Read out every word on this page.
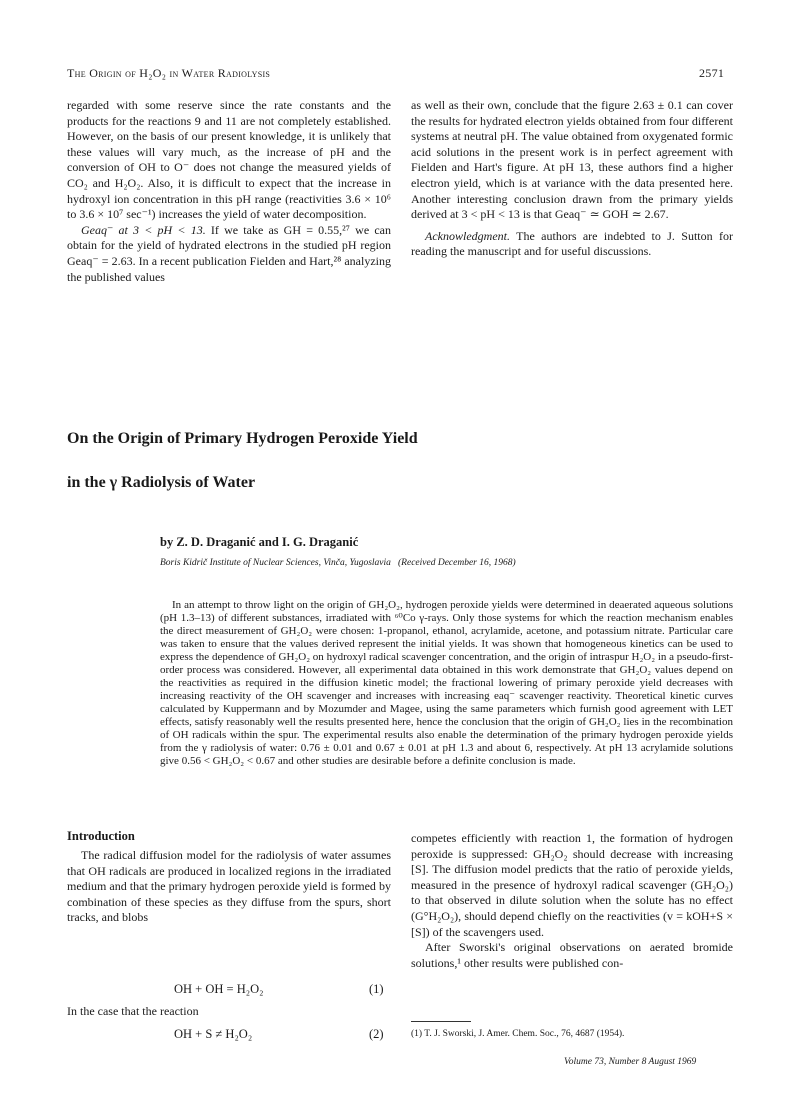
The Origin of H₂O₂ in Water Radiolysis	2571

regarded with some reserve since the rate constants and the products for the reactions 9 and 11 are not completely established. However, on the basis of our present knowledge, it is unlikely that these values will vary much, as the increase of pH and the conversion of OH to O⁻ does not change the measured yields of CO₂ and H₂O₂. Also, it is difficult to expect that the increase in hydroxyl ion concentration in this pH range (reactivities 3.6 × 10⁶ to 3.6 × 10⁷ sec⁻¹) increases the yield of water decomposition.

Geaq⁻ at 3 < pH < 13. If we take as GH = 0.55,²⁷ we can obtain for the yield of hydrated electrons in the studied pH region Geaq⁻ = 2.63. In a recent publication Fielden and Hart,²⁸ analyzing the published values

as well as their own, conclude that the figure 2.63 ± 0.1 can cover the results for hydrated electron yields obtained from four different systems at neutral pH. The value obtained from oxygenated formic acid solutions in the present work is in perfect agreement with Fielden and Hart's figure. At pH 13, these authors find a higher electron yield, which is at variance with the data presented here. Another interesting conclusion drawn from the primary yields derived at 3 < pH < 13 is that Geaq⁻ ≃ GOH ≃ 2.67.

Acknowledgment. The authors are indebted to J. Sutton for reading the manuscript and for useful discussions.

On the Origin of Primary Hydrogen Peroxide Yield
in the γ Radiolysis of Water
by Z. D. Draganić and I. G. Draganić
Boris Kidrič Institute of Nuclear Sciences, Vinča, Yugoslavia (Received December 16, 1968)

In an attempt to throw light on the origin of GH₂O₂, hydrogen peroxide yields were determined in deaerated aqueous solutions (pH 1.3–13) of different substances, irradiated with ⁶⁰Co γ-rays. Only those systems for which the reaction mechanism enables the direct measurement of GH₂O₂ were chosen: 1-propanol, ethanol, acrylamide, acetone, and potassium nitrate. Particular care was taken to ensure that the values derived represent the initial yields. It was shown that homogeneous kinetics can be used to express the dependence of GH₂O₂ on hydroxyl radical scavenger concentration, and the origin of intraspur H₂O₂ in a pseudo-first-order process was considered. However, all experimental data obtained in this work demonstrate that GH₂O₂ values depend on the reactivities as required in the diffusion kinetic model; the fractional lowering of primary peroxide yield decreases with increasing reactivity of the OH scavenger and increases with increasing eaq⁻ scavenger reactivity. Theoretical kinetic curves calculated by Kuppermann and by Mozumder and Magee, using the same parameters which furnish good agreement with LET effects, satisfy reasonably well the results presented here, hence the conclusion that the origin of GH₂O₂ lies in the recombination of OH radicals within the spur. The experimental results also enable the determination of the primary hydrogen peroxide yields from the γ radiolysis of water: 0.76 ± 0.01 and 0.67 ± 0.01 at pH 1.3 and about 6, respectively. At pH 13 acrylamide solutions give 0.56 < GH₂O₂ < 0.67 and other studies are desirable before a definite conclusion is made.

Introduction

The radical diffusion model for the radiolysis of water assumes that OH radicals are produced in localized regions in the irradiated medium and that the primary hydrogen peroxide yield is formed by combination of these species as they diffuse from the spurs, short tracks, and blobs

OH + OH = H₂O₂	(1)

In the case that the reaction

OH + S ≠ H₂O₂	(2)

competes efficiently with reaction 1, the formation of hydrogen peroxide is suppressed: GH₂O₂ should decrease with increasing [S]. The diffusion model predicts that the ratio of peroxide yields, measured in the presence of hydroxyl radical scavenger (GH₂O₂) to that observed in dilute solution when the solute has no effect (G°H₂O₂), should depend chiefly on the reactivities (v = kOH+S × [S]) of the scavengers used.

After Sworski's original observations on aerated bromide solutions,¹ other results were published con-

(1) T. J. Sworski, J. Amer. Chem. Soc., 76, 4687 (1954).
Volume 73, Number 8 August 1969
